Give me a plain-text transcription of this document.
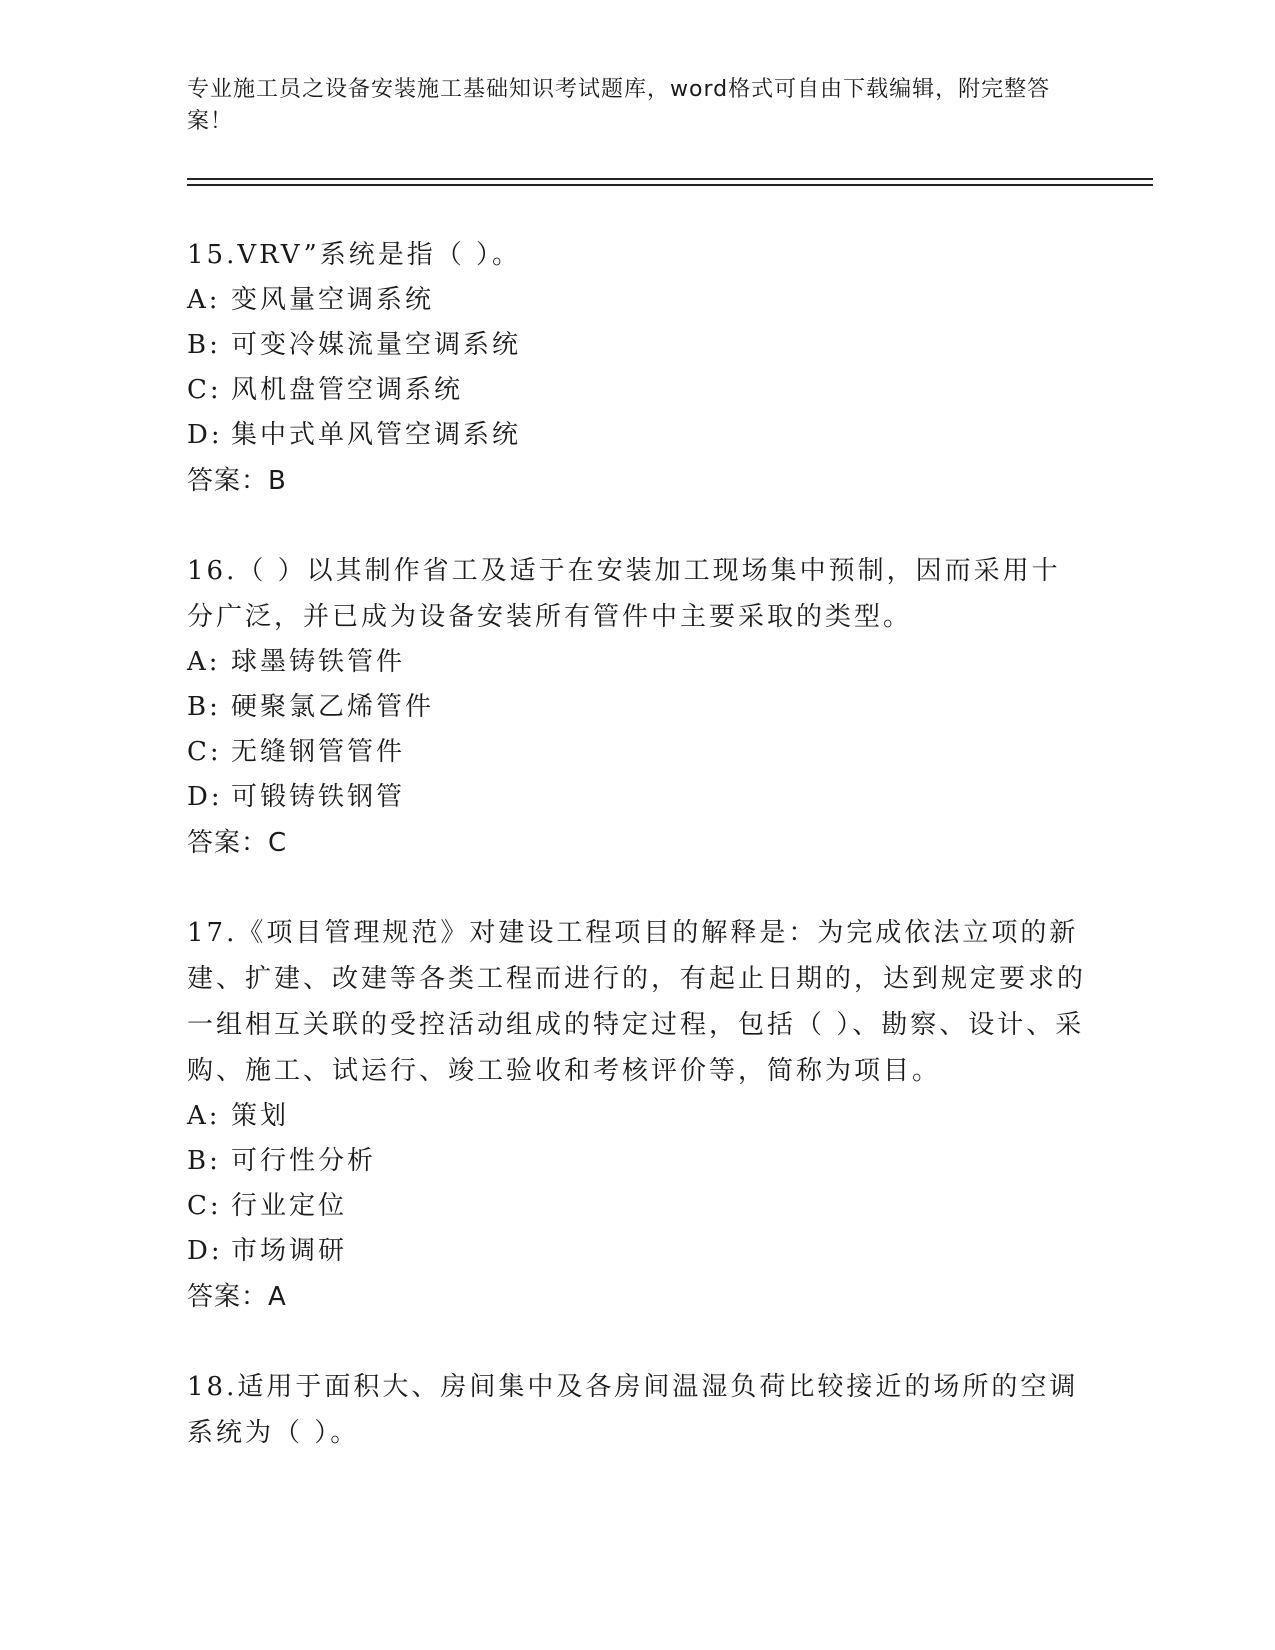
专业施工员之设备安装施工基础知识考试题库，word格式可自由下载编辑，附完整答案！

15.VRV”系统是指（ ）。

A: 变风量空调系统

B: 可变冷媒流量空调系统

C: 风机盘管空调系统

D: 集中式单风管空调系统

答案：B

16.（ ）以其制作省工及适于在安装加工现场集中预制，因而采用十分广泛，并已成为设备安装所有管件中主要采取的类型。

A: 球墨铸铁管件

B: 硬聚氯乙烯管件

C: 无缝钢管管件

D: 可锻铸铁钢管

答案：C

17.《项目管理规范》对建设工程项目的解释是：为完成依法立项的新建、扩建、改建等各类工程而进行的，有起止日期的，达到规定要求的一组相互关联的受控活动组成的特定过程，包括（ ）、勘察、设计、采购、施工、试运行、竣工验收和考核评价等，简称为项目。

A: 策划

B: 可行性分析

C: 行业定位

D: 市场调研

答案：A

18.适用于面积大、房间集中及各房间温湿负荷比较接近的场所的空调系统为（ ）。
